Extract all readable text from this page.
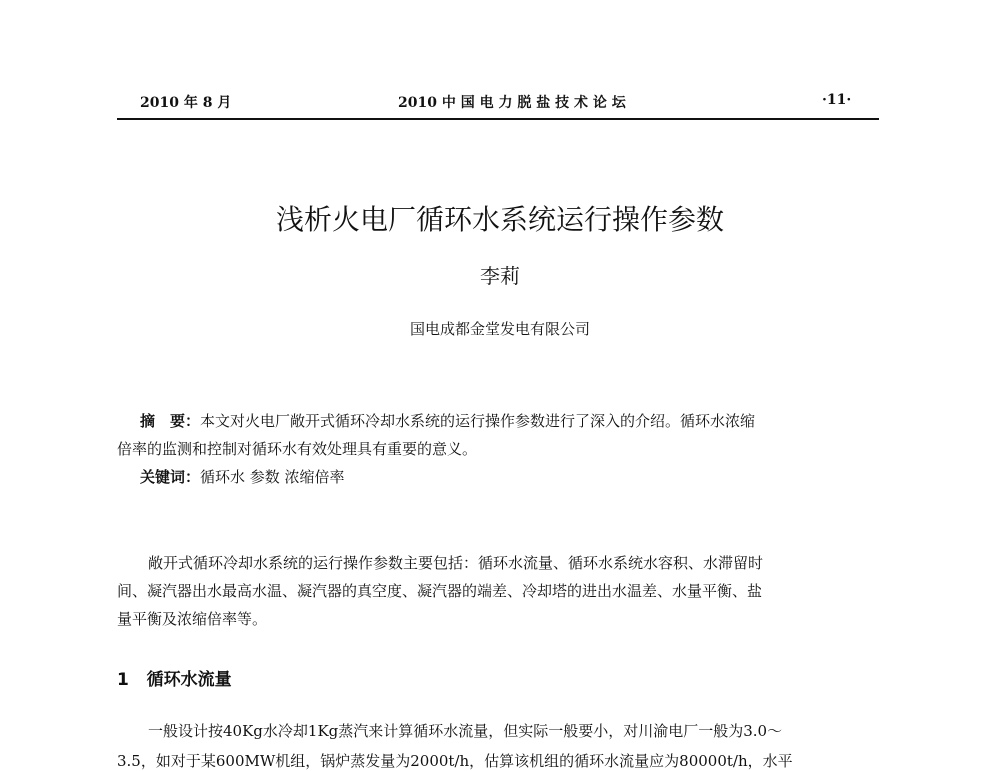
2010 年 8 月	2010 中 国 电 力 脱 盐 技 术 论 坛	·11·
浅析火电厂循环水系统运行操作参数
李莉
国电成都金堂发电有限公司
摘　要：本文对火电厂敞开式循环冷却水系统的运行操作参数进行了深入的介绍。循环水浓缩
倍率的监测和控制对循环水有效处理具有重要的意义。
关键词：循环水 参数 浓缩倍率
敞开式循环冷却水系统的运行操作参数主要包括：循环水流量、循环水系统水容积、水滞留时
间、凝汽器出水最高水温、凝汽器的真空度、凝汽器的端差、冷却塔的进出水温差、水量平衡、盐
量平衡及浓缩倍率等。
1 循环水流量
一般设计按40Kg水冷却1Kg蒸汽来计算循环水流量，但实际一般要小，对川渝电厂一般为3.0～
3.5，如对于某600MW机组，锅炉蒸发量为2000t/h，估算该机组的循环水流量应为80000t/h，水平
